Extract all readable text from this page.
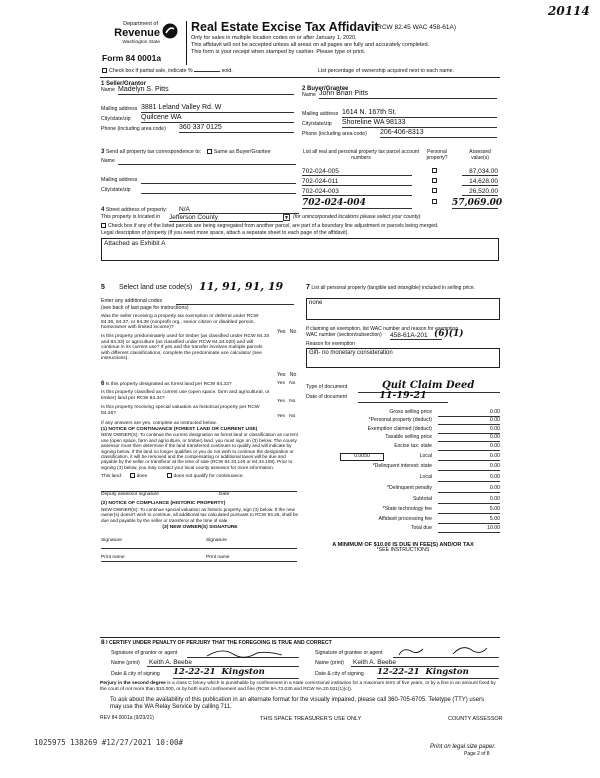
20114
Department of
Revenue
Washington State
Form 84 0001a
Real Estate Excise Tax Affidavit
(RCW 82.45 WAC 458-61A)
Only for sales in multiple location codes on or after January 1, 2020.
This affidavit will not be accepted unless all areas on all pages are fully and accurately completed.
This form is your receipt when stamped by cashier. Please type or print.
Check box if partial sale, indicate %	sold.	List percentage of ownership acquired next to each name.
1 Seller/Grantor
Name Madelyn S. Pitts
Mailing address 3881 Leland Valley Rd. W
City/state/zip Quilcene WA
Phone (including area code) 360 337 0125
2 Buyer/Grantee
Name John Brian Pitts
Mailing address 1614 N. 167th St.
City/state/zip Shoreline WA 98133
Phone (including area code) 206-406-8313
3 Send all property tax correspondence to: Same as Buyer/Grantee
Name
Mailing address
City/state/zip
List all real and personal property tax parcel account numbers
Personal property?
Assessed value(s)
702-024-005	87,034.00
702-024-011	14,628.00
702-024-003	26,520.00
702-024-004	57,069.00
4 Street address of property: N/A
This property is located in Jefferson County	▼ (for unincorporated locations please select your county)
Check box if any of the listed parcels are being segregated from another parcel, are part of a boundary line adjustment or parcels being merged.
Legal description of property (if you need more space, attach a separate sheet to each page of the affidavit).
Attached as Exhibit A
5 Select land use code(s) 11, 91, 91, 19
Enter any additional codes
(see back of last page for instructions)
Was the seller receiving a property tax exemption or deferral under RCW 84.36, 84.37, or 84.38 (nonprofit org., senior citizen or disabled person, homeowner with limited income)?
Yes No
Is this property predominately used for timber (as classified under RCW 84.34 and 84.33) or agriculture (as classified under RCW 84.34.020) and will continue in its current use? If yes and the transfer involves multiple parcels with different classifications, complete the predominate use calculator (see instructions).
Yes No
6 Is this property designated as forest land per RCW 84.33?	Yes No
Is this property classified as current use (open space, farm and agricultural, or timber) land per RCW 84.34?
Yes No
Is this property receiving special valuation as historical property per RCW 84.26?
Yes No
If any answers are yes, complete as instructed below.
(1) NOTICE OF CONTINUANCE (FOREST LAND OR CURRENT USE)
NEW OWNER(S): To continue the current designation as forest land or classification as current use (open space, farm and agriculture, or timber) land, you must sign on (3) below. The county assessor must then determine if the land transferred continues to qualify and will indicate by signing below. If the land no longer qualifies or you do not wish to continue the designation or classification, it will be removed and the compensating or additional taxes will be due and payable by the seller or transferor at the time of sale (RCW 84.33.140 or 84.34.108). Prior to signing (3) below, you may contact your local county assessor for more information.
This land:	does	does not qualify for continuance.
Deputy assessor signature	Date
(2) NOTICE OF COMPLIANCE (HISTORIC PROPERTY)
NEW OWNER(S): To continue special valuation as historic property, sign (3) below. If the new owner(s) doesn't wish to continue, all additional tax calculated pursuant to RCW 84.26, shall be due and payable by the seller or transferor at the time of sale.
(3) NEW OWNER(S) SIGNATURE
Signature	Signature
Print name	Print name
7 List all personal property (tangible and intangible) included in selling price.
none
If claiming an exemption, list WAC number and reason for exemption.
WAC number (section/subsection) 458-61A-201 (6)(1)
Reason for exemption
Gift- no monetary consideration
Type of document	Quit Claim Deed
Date of document	11-19-21
Gross selling price	0.00
*Personal property (deduct)	0.00
Exemption claimed (deduct)	0.00
Taxable selling price	0.00
Excise tax: state	0.00
0.0050	Local	0.00
*Delinquent interest: state	0.00
Local	0.00
*Delinquent penalty	0.00
Subtotal	0.00
*State technology fee	5.00
Affidavit processing fee	5.00
Total due	10.00
A MINIMUM OF $10.00 IS DUE IN FEE(S) AND/OR TAX
*SEE INSTRUCTIONS
8 I CERTIFY UNDER PENALTY OF PERJURY THAT THE FOREGOING IS TRUE AND CORRECT
Signature of grantor or agent	Signature of grantee or agent
Name (print)	Keith A. Beebe	Name (print)	Keith A. Beebe
Date & city of signing 12-22-21 Kingston	Date & city of signing 12-22-21 Kingston
Perjury in the second degree is a class C felony which is punishable by confinement in a state correctional institution for a maximum term of five years, or by a fine in an amount fixed by the court of not more than $10,000, or by both such confinement and fine (RCW 9A.72.030 and RCW 9A.20.021(1)(c)).
To ask about the availability of this publication in an alternate format for the visually impaired, please call 360-705-6705. Teletype (TTY) users may use the WA Relay Service by calling 711.
REV 84 0001a (9/23/21)	THIS SPACE TREASURER'S USE ONLY	COUNTY ASSESSOR
1025975 138269 #12/27/2021 10:00#	Print on legal size paper.
Page 2 of 8
